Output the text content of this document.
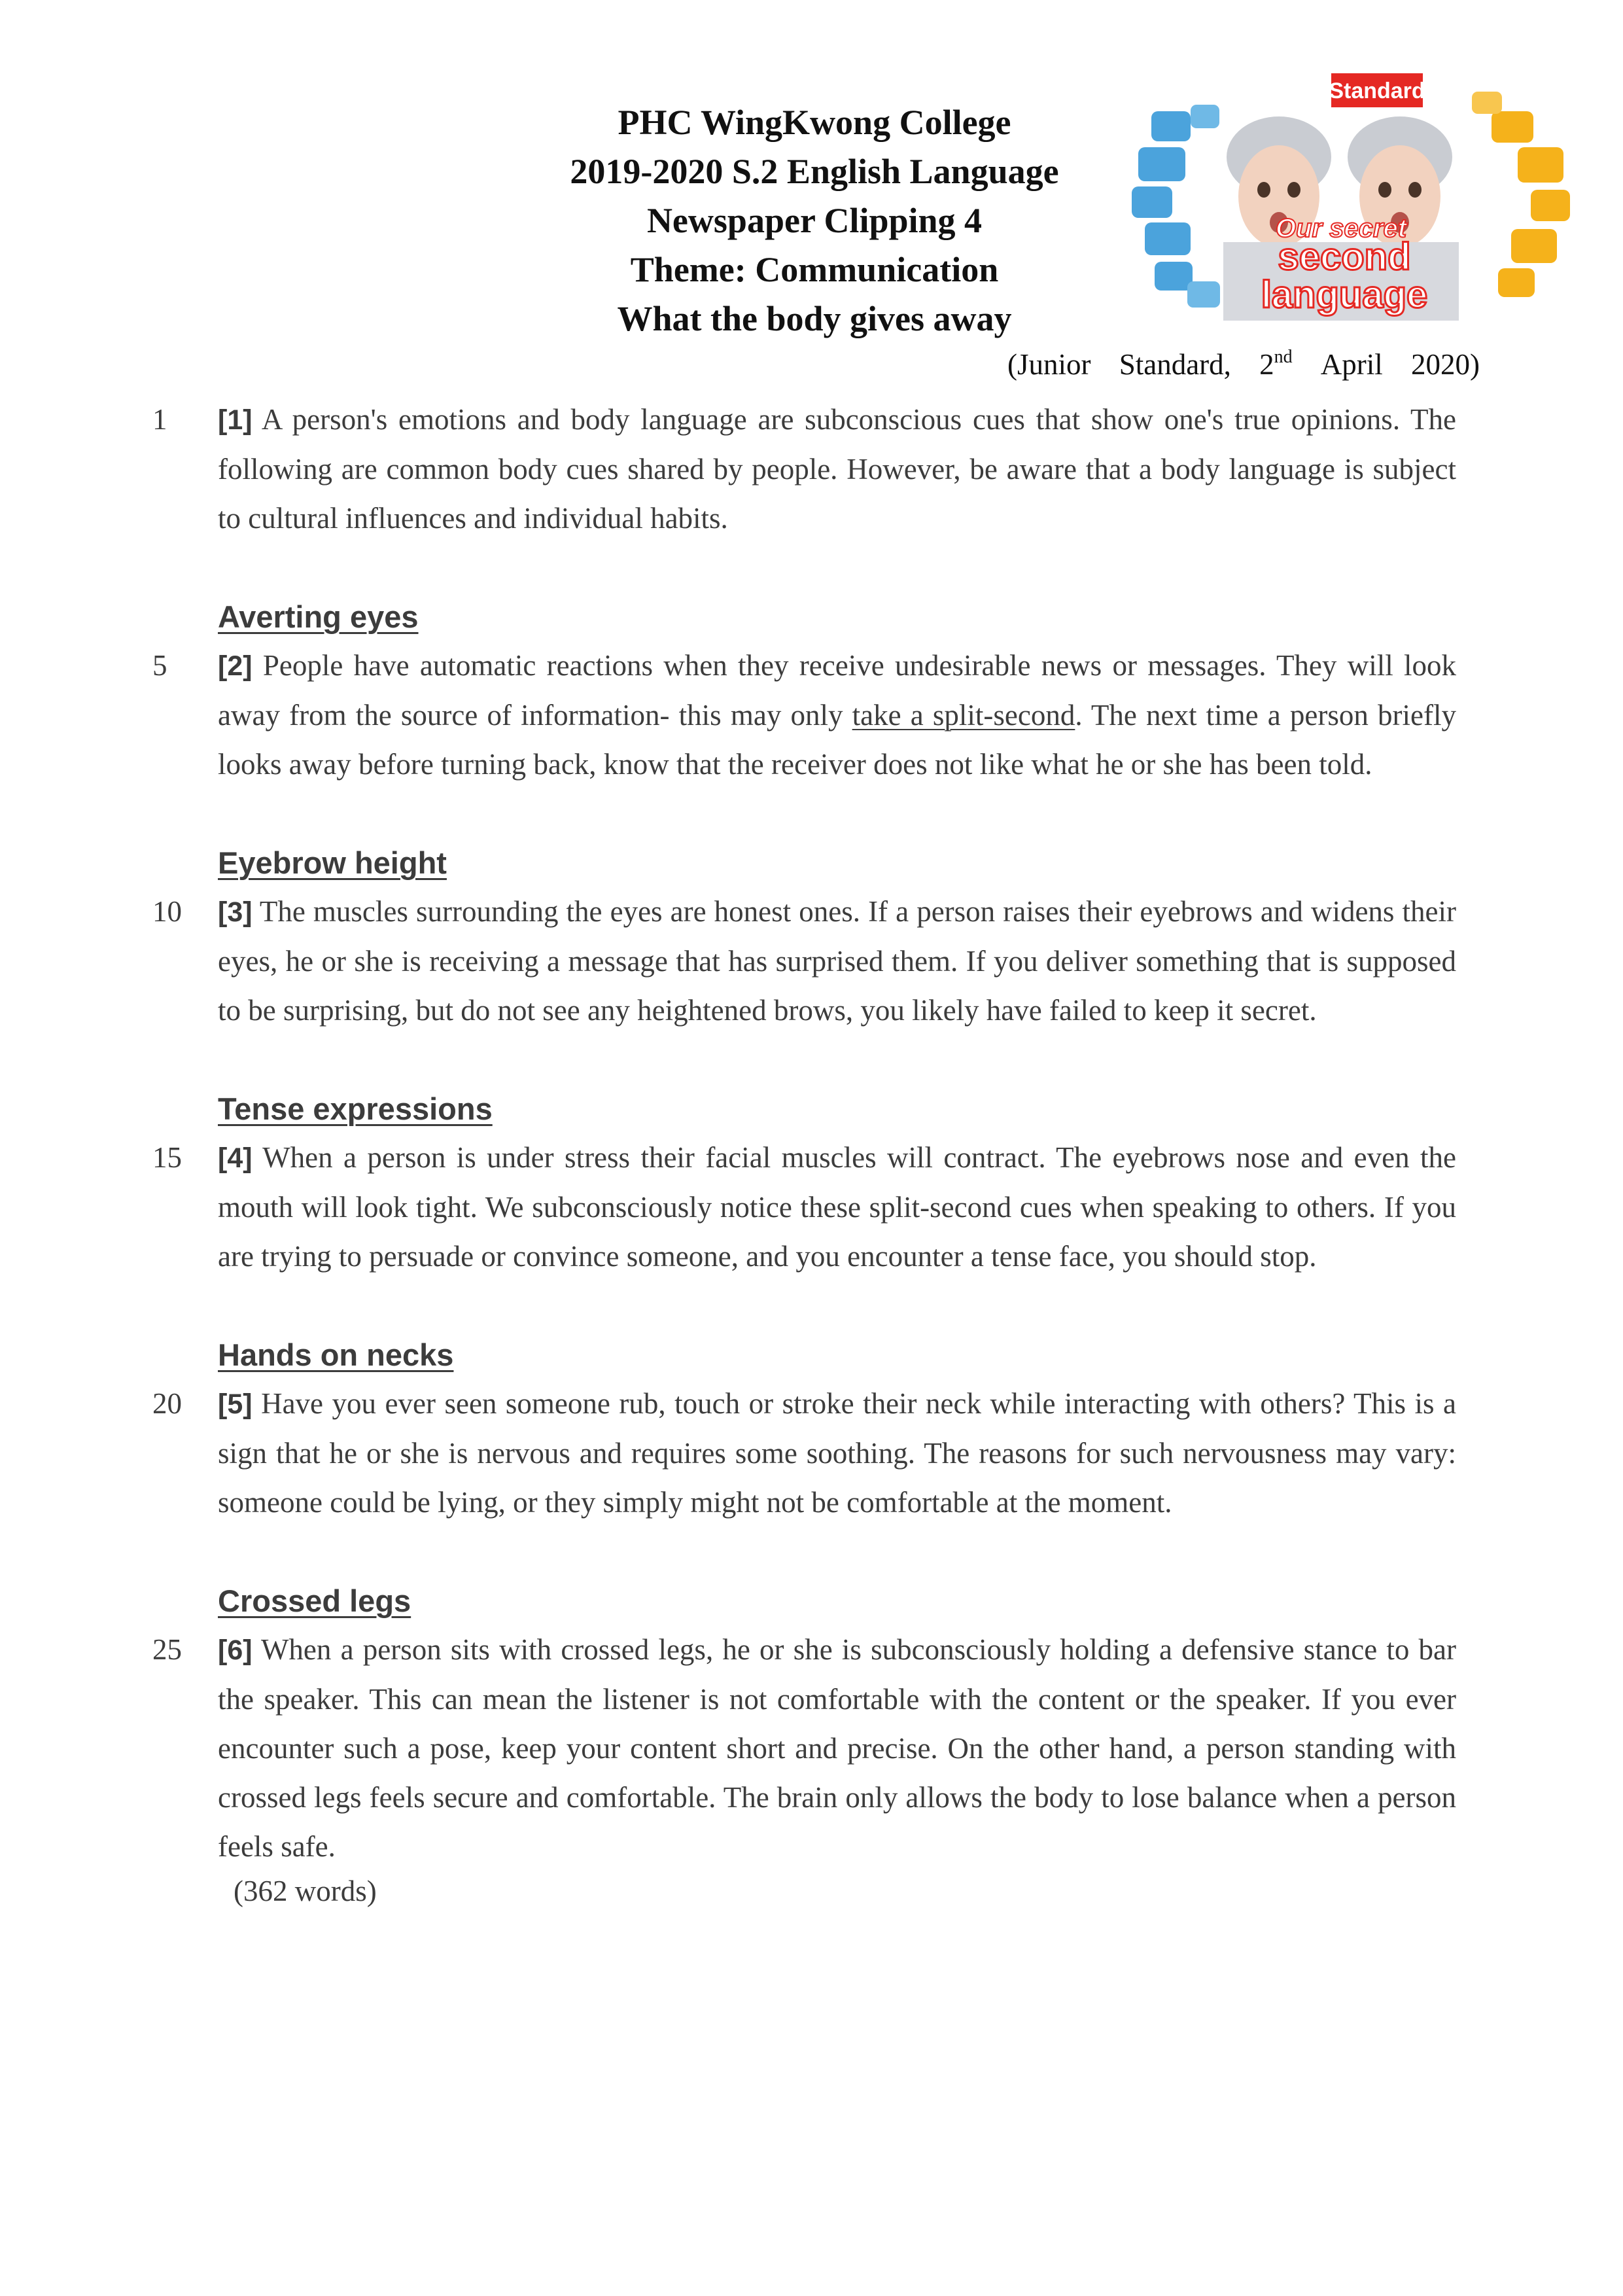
PHC WingKwong College
2019-2020 S.2 English Language
Newspaper Clipping 4
Theme: Communication
What the body gives away
Standard
Our secret
second
language
(Junior Standard, 2nd April 2020)
1	[1] A person's emotions and body language are subconscious cues that show one's true opinions. The following are common body cues shared by people. However, be aware that a body language is subject to cultural influences and individual habits.

Averting eyes
5	[2] People have automatic reactions when they receive undesirable news or messages. They will look away from the source of information- this may only take a split-second. The next time a person briefly looks away before turning back, know that the receiver does not like what he or she has been told.

Eyebrow height
10	[3] The muscles surrounding the eyes are honest ones. If a person raises their eyebrows and widens their eyes, he or she is receiving a message that has surprised them. If you deliver something that is supposed to be surprising, but do not see any heightened brows, you likely have failed to keep it secret.

Tense expressions
15	[4] When a person is under stress their facial muscles will contract. The eyebrows nose and even the mouth will look tight. We subconsciously notice these split-second cues when speaking to others. If you are trying to persuade or convince someone, and you encounter a tense face, you should stop.

Hands on necks
20	[5] Have you ever seen someone rub, touch or stroke their neck while interacting with others? This is a sign that he or she is nervous and requires some soothing. The reasons for such nervousness may vary: someone could be lying, or they simply might not be comfortable at the moment.

Crossed legs
25	[6] When a person sits with crossed legs, he or she is subconsciously holding a defensive stance to bar the speaker. This can mean the listener is not comfortable with the content or the speaker. If you ever encounter such a pose, keep your content short and precise. On the other hand, a person standing with crossed legs feels secure and comfortable. The brain only allows the body to lose balance when a person feels safe.

(362 words)
